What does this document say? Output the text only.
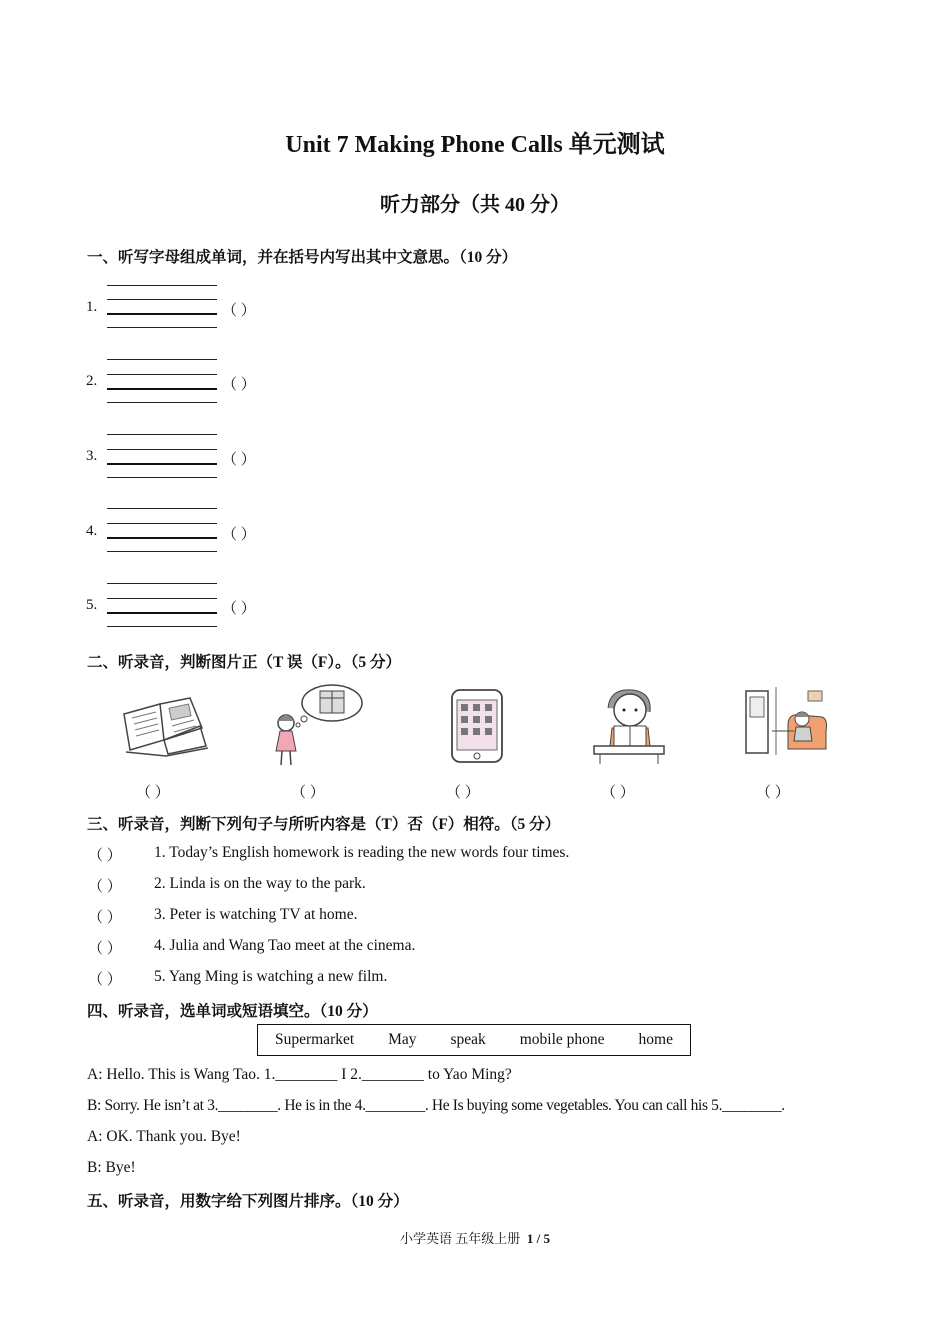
Unit 7 Making Phone Calls 单元测试
听力部分（共 40 分）
一、听写字母组成单词，并在括号内写出其中文意思。（10 分）
1.	（ ）
2.	（ ）
3.	（ ）
4.	（ ）
5.	（ ）
二、听录音，判断图片正（T 误（F）。（5 分）
（ ）	（ ）	（ ）	（ ）	（ ）
三、听录音，判断下列句子与所听内容是（T）否（F）相符。（5 分）
（ ） 1. Today’s English homework is reading the new words four times.
（ ） 2. Linda is on the way to the park.
（ ） 3. Peter is watching TV at home.
（ ） 4. Julia and Wang Tao meet at the cinema.
（ ） 5. Yang Ming is watching a new film.
四、听录音，选单词或短语填空。（10 分）
Supermarket May speak mobile phone home
A: Hello. This is Wang Tao. 1.________ I 2.________ to Yao Ming?
B: Sorry. He isn’t at 3.________. He is in the 4.________. He Is buying some vegetables. You can call his 5.________.
A: OK. Thank you. Bye!
B: Bye!
五、听录音，用数字给下列图片排序。（10 分）
小学英语 五年级上册 1 / 5
